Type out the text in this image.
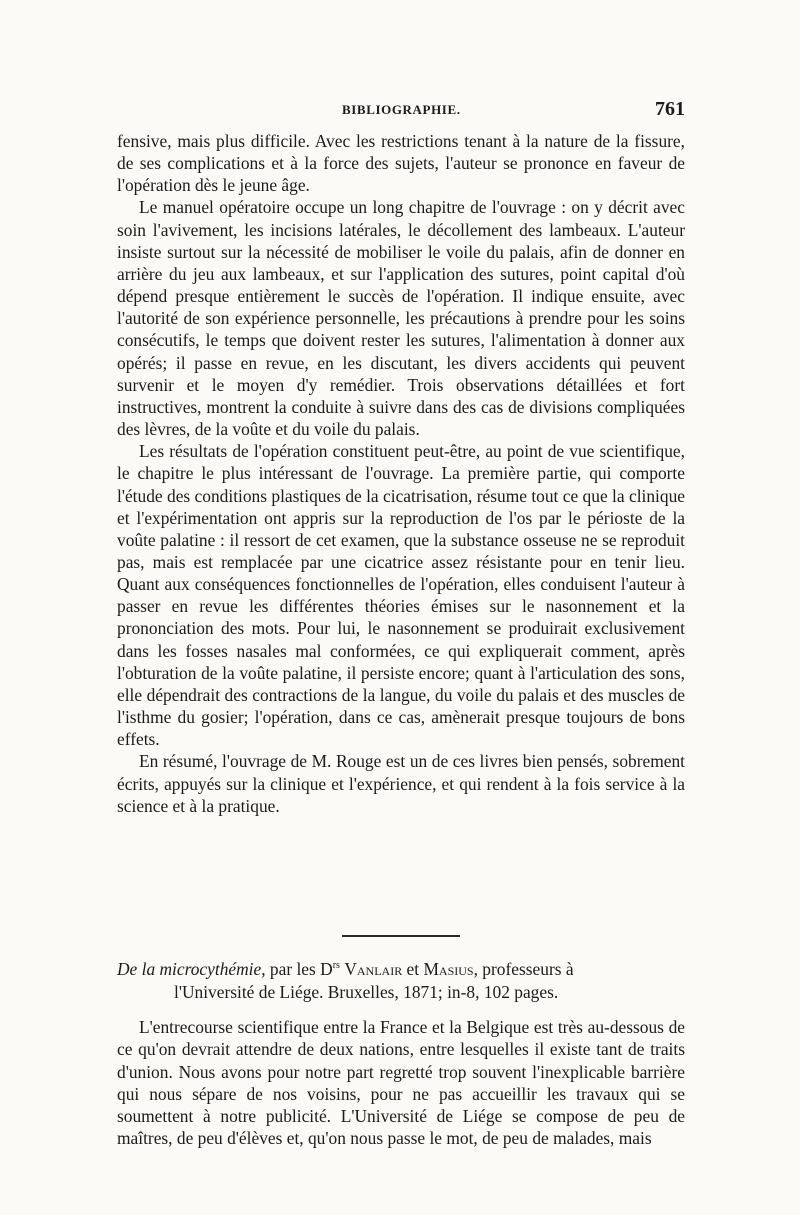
BIBLIOGRAPHIE.	761

fensive, mais plus difficile. Avec les restrictions tenant à la nature de la fissure, de ses complications et à la force des sujets, l'auteur se prononce en faveur de l'opération dès le jeune âge.

Le manuel opératoire occupe un long chapitre de l'ouvrage : on y décrit avec soin l'avivement, les incisions latérales, le décollement des lambeaux. L'auteur insiste surtout sur la nécessité de mobiliser le voile du palais, afin de donner en arrière du jeu aux lambeaux, et sur l'application des sutures, point capital d'où dépend presque entièrement le succès de l'opération. Il indique ensuite, avec l'autorité de son expérience personnelle, les précautions à prendre pour les soins consécutifs, le temps que doivent rester les sutures, l'alimentation à donner aux opérés; il passe en revue, en les discutant, les divers accidents qui peuvent survenir et le moyen d'y remédier. Trois observations détaillées et fort instructives, montrent la conduite à suivre dans des cas de divisions compliquées des lèvres, de la voûte et du voile du palais.

Les résultats de l'opération constituent peut-être, au point de vue scientifique, le chapitre le plus intéressant de l'ouvrage. La première partie, qui comporte l'étude des conditions plastiques de la cicatrisation, résume tout ce que la clinique et l'expérimentation ont appris sur la reproduction de l'os par le périoste de la voûte palatine : il ressort de cet examen, que la substance osseuse ne se reproduit pas, mais est remplacée par une cicatrice assez résistante pour en tenir lieu. Quant aux conséquences fonctionnelles de l'opération, elles conduisent l'auteur à passer en revue les différentes théories émises sur le nasonnement et la prononciation des mots. Pour lui, le nasonnement se produirait exclusivement dans les fosses nasales mal conformées, ce qui expliquerait comment, après l'obturation de la voûte palatine, il persiste encore; quant à l'articulation des sons, elle dépendrait des contractions de la langue, du voile du palais et des muscles de l'isthme du gosier; l'opération, dans ce cas, amènerait presque toujours de bons effets.

En résumé, l'ouvrage de M. Rouge est un de ces livres bien pensés, sobrement écrits, appuyés sur la clinique et l'expérience, et qui rendent à la fois service à la science et à la pratique.

De la microcythémie, par les $D^{rs}$ Vanlair et Masius, professeurs à
l'Université de Liége. Bruxelles, 1871; in-8, 102 pages.

L'entrecourse scientifique entre la France et la Belgique est très au-dessous de ce qu'on devrait attendre de deux nations, entre lesquelles il existe tant de traits d'union. Nous avons pour notre part regretté trop souvent l'inexplicable barrière qui nous sépare de nos voisins, pour ne pas accueillir les travaux qui se soumettent à notre publicité. L'Université de Liége se compose de peu de maîtres, de peu d'élèves et, qu'on nous passe le mot, de peu de malades, mais
